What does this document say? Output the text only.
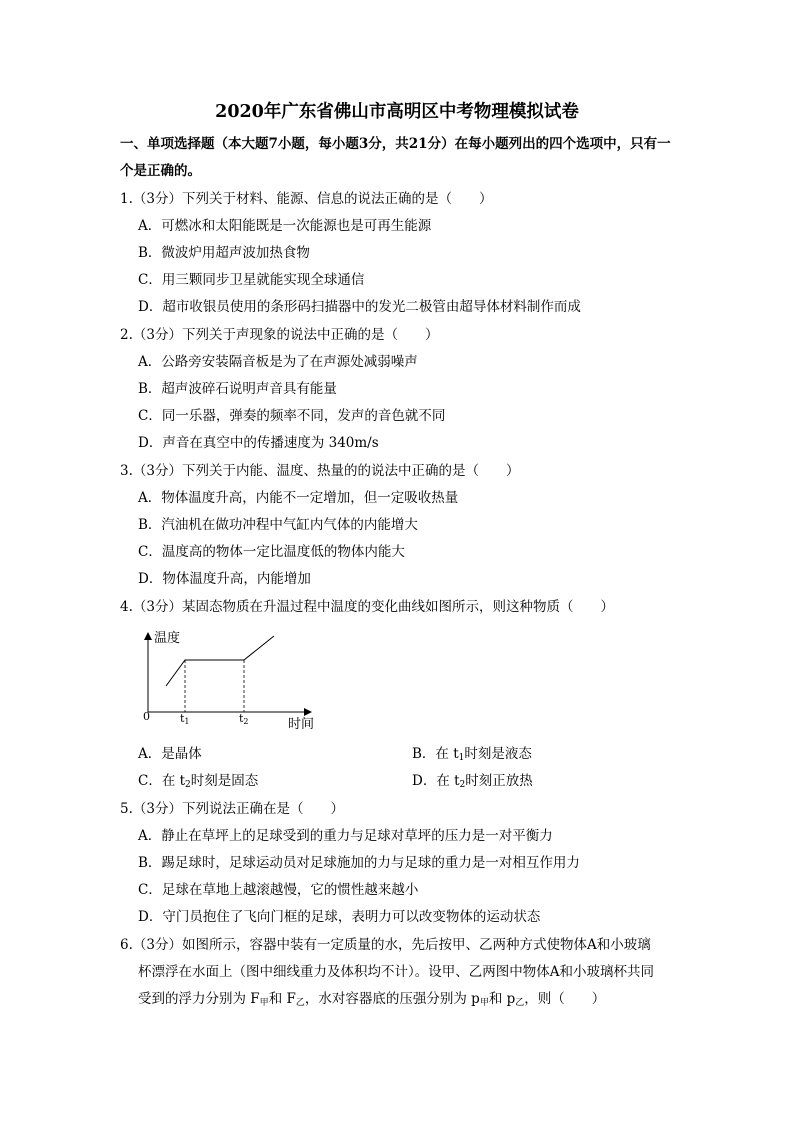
2020年广东省佛山市高明区中考物理模拟试卷
一、单项选择题（本大题7小题，每小题3分，共21分）在每小题列出的四个选项中，只有一个是正确的。
1.（3分）下列关于材料、能源、信息的说法正确的是（　　）
A．可燃冰和太阳能既是一次能源也是可再生能源
B．微波炉用超声波加热食物
C．用三颗同步卫星就能实现全球通信
D．超市收银员使用的条形码扫描器中的发光二极管由超导体材料制作而成
2.（3分）下列关于声现象的说法中正确的是（　　）
A．公路旁安装隔音板是为了在声源处减弱噪声
B．超声波碎石说明声音具有能量
C．同一乐器，弹奏的频率不同，发声的音色就不同
D．声音在真空中的传播速度为 340m/s
3.（3分）下列关于内能、温度、热量的的说法中正确的是（　　）
A．物体温度升高，内能不一定增加，但一定吸收热量
B．汽油机在做功冲程中气缸内气体的内能增大
C．温度高的物体一定比温度低的物体内能大
D．物体温度升高，内能增加
4.（3分）某固态物质在升温过程中温度的变化曲线如图所示，则这种物质（　　）
温度
时间
0	t1	t2
A．是晶体	B．在 $t_1$时刻是液态
C．在 $t_2$时刻是固态	D．在 $t_2$时刻正放热
5.（3分）下列说法正确在是（　　）
A．静止在草坪上的足球受到的重力与足球对草坪的压力是一对平衡力
B．踢足球时，足球运动员对足球施加的力与足球的重力是一对相互作用力
C．足球在草地上越滚越慢，它的惯性越来越小
D．守门员抱住了飞向门框的足球，表明力可以改变物体的运动状态
6.（3分）如图所示，容器中装有一定质量的水，先后按甲、乙两种方式使物体A和小玻璃
杯漂浮在水面上（图中细线重力及体积均不计）。设甲、乙两图中物体A和小玻璃杯共同
受到的浮力分别为 $F_甲$和 $F_乙$，水对容器底的压强分别为 $p_甲$和 $p_乙$，则（　　）
